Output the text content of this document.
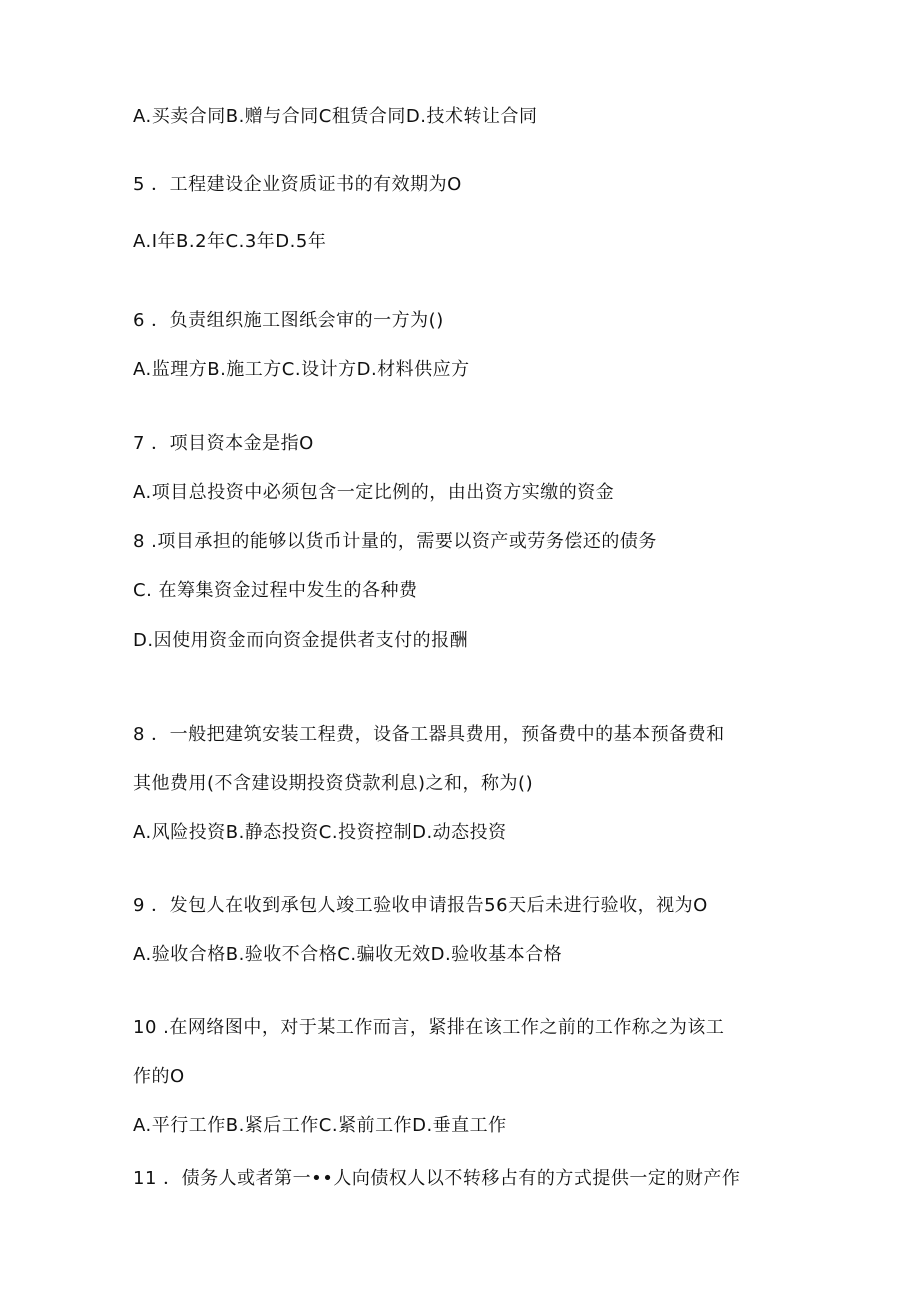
A.买卖合同B.赠与合同C租赁合同D.技术转让合同
5 ．工程建设企业资质证书的有效期为O
A.I年B.2年C.3年D.5年
6 ．负责组织施工图纸会审的一方为()
A.监理方B.施工方C.设计方D.材料供应方
7 ．项目资本金是指O
A.项目总投资中必须包含一定比例的，由出资方实缴的资金
8 .项目承担的能够以货币计量的，需要以资产或劳务偿还的债务
C. 在筹集资金过程中发生的各种费
D.因使用资金而向资金提供者支付的报酬
8 ．一般把建筑安装工程费，设备工器具费用，预备费中的基本预备费和
其他费用(不含建设期投资贷款利息)之和，称为()
A.风险投资B.静态投资C.投资控制D.动态投资
9 ．发包人在收到承包人竣工验收申请报告56天后未进行验收，视为O
A.验收合格B.验收不合格C.骗收无效D.验收基本合格
10 .在网络图中，对于某工作而言，紧排在该工作之前的工作称之为该工
作的O
A.平行工作B.紧后工作C.紧前工作D.垂直工作
11 ．债务人或者第一••人向债权人以不转移占有的方式提供一定的财产作
